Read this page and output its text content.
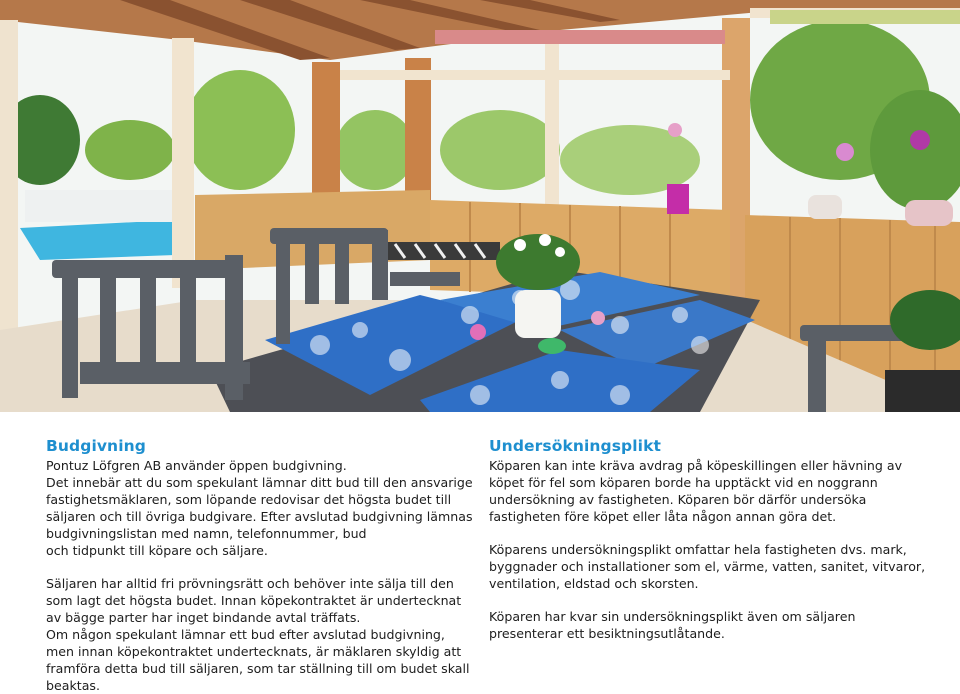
Budgivning

Pontuz Löfgren AB använder öppen budgivning.
Det innebär att du som spekulant lämnar ditt bud till den ansvarige fastighetsmäklaren, som löpande redovisar det högsta budet till säljaren och till övriga budgivare. Efter avslutad budgivning lämnas budgivningslistan med namn, telefonnummer, bud
och tidpunkt till köpare och säljare.

Säljaren har alltid fri prövningsrätt och behöver inte sälja till den som lagt det högsta budet. Innan köpekontraktet är undertecknat av bägge parter har inget bindande avtal träffats.
Om någon spekulant lämnar ett bud efter avslutad budgivning, men innan köpekontraktet undertecknats, är mäklaren skyldig att framföra detta bud till säljaren, som tar ställning till om budet skall beaktas.

Undersökningsplikt

Köparen kan inte kräva avdrag på köpeskillingen eller hävning av köpet för fel som köparen borde ha upptäckt vid en noggrann undersökning av fastigheten. Köparen bör därför undersöka fastigheten före köpet eller låta någon annan göra det.

Köparens undersökningsplikt omfattar hela fastigheten dvs. mark, byggnader och installationer som el, värme, vatten, sanitet, vitvaror, ventilation, eldstad och skorsten.

Köparen har kvar sin undersökningsplikt även om säljaren presenterar ett besiktningsutlåtande.
